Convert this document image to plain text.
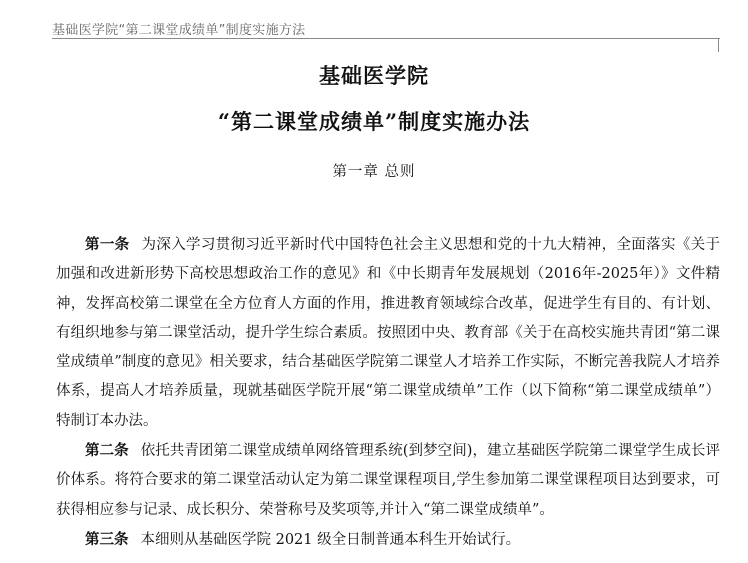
基础医学院“第二课堂成绩单”制度实施方法
基础医学院
“第二课堂成绩单”制度实施办法
第一章 总则

第一条 为深入学习贯彻习近平新时代中国特色社会主义思想和党的十九大精神，全面落实《关于加强和改进新形势下高校思想政治工作的意见》和《中长期青年发展规划（2016年-2025年）》文件精神，发挥高校第二课堂在全方位育人方面的作用，推进教育领域综合改革，促进学生有目的、有计划、有组织地参与第二课堂活动，提升学生综合素质。按照团中央、教育部《关于在高校实施共青团“第二课堂成绩单”制度的意见》相关要求，结合基础医学院第二课堂人才培养工作实际，不断完善我院人才培养体系，提高人才培养质量，现就基础医学院开展“第二课堂成绩单”工作（以下简称“第二课堂成绩单”）特制订本办法。

第二条 依托共青团第二课堂成绩单网络管理系统(到梦空间)，建立基础医学院第二课堂学生成长评价体系。将符合要求的第二课堂活动认定为第二课堂课程项目,学生参加第二课堂课程项目达到要求，可获得相应参与记录、成长积分、荣誉称号及奖项等,并计入“第二课堂成绩单”。

第三条 本细则从基础医学院 2021 级全日制普通本科生开始试行。
